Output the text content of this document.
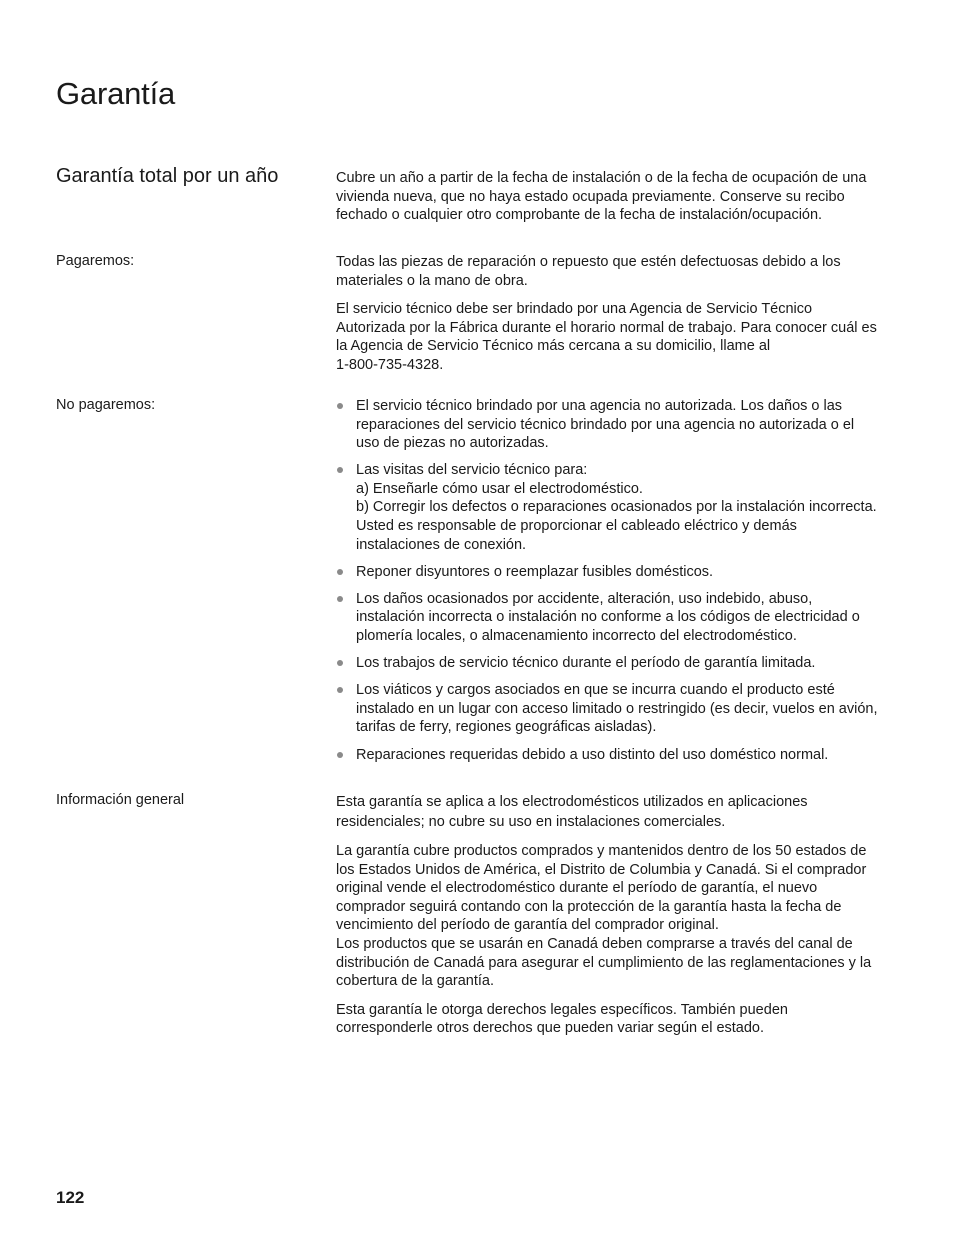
Garantía
Garantía total por un año	Cubre un año a partir de la fecha de instalación o de la fecha de ocupación de una
vivienda nueva, que no haya estado ocupada previamente. Conserve su recibo
fechado o cualquier otro comprobante de la fecha de instalación/ocupación.

Pagaremos:	Todas las piezas de reparación o repuesto que estén defectuosas debido a los
materiales o la mano de obra.

El servicio técnico debe ser brindado por una Agencia de Servicio Técnico
Autorizada por la Fábrica durante el horario normal de trabajo. Para conocer cuál es
la Agencia de Servicio Técnico más cercana a su domicilio, llame al
1-800-735-4328.

No pagaremos:	El servicio técnico brindado por una agencia no autorizada. Los daños o las
reparaciones del servicio técnico brindado por una agencia no autorizada o el
uso de piezas no autorizadas.
Las visitas del servicio técnico para:
a) Enseñarle cómo usar el electrodoméstico.
b) Corregir los defectos o reparaciones ocasionados por la instalación incorrecta.
Usted es responsable de proporcionar el cableado eléctrico y demás
instalaciones de conexión.
Reponer disyuntores o reemplazar fusibles domésticos.
Los daños ocasionados por accidente, alteración, uso indebido, abuso,
instalación incorrecta o instalación no conforme a los códigos de electricidad o
plomería locales, o almacenamiento incorrecto del electrodoméstico.
Los trabajos de servicio técnico durante el período de garantía limitada.
Los viáticos y cargos asociados en que se incurra cuando el producto esté
instalado en un lugar con acceso limitado o restringido (es decir, vuelos en avión,
tarifas de ferry, regiones geográficas aisladas).
Reparaciones requeridas debido a uso distinto del uso doméstico normal.
Información general	Esta garantía se aplica a los electrodomésticos utilizados en aplicaciones
residenciales; no cubre su uso en instalaciones comerciales.

La garantía cubre productos comprados y mantenidos dentro de los 50 estados de
los Estados Unidos de América, el Distrito de Columbia y Canadá. Si el comprador
original vende el electrodoméstico durante el período de garantía, el nuevo
comprador seguirá contando con la protección de la garantía hasta la fecha de
vencimiento del período de garantía del comprador original.
Los productos que se usarán en Canadá deben comprarse a través del canal de
distribución de Canadá para asegurar el cumplimiento de las reglamentaciones y la
cobertura de la garantía.

Esta garantía le otorga derechos legales específicos. También pueden
corresponderle otros derechos que pueden variar según el estado.

122
